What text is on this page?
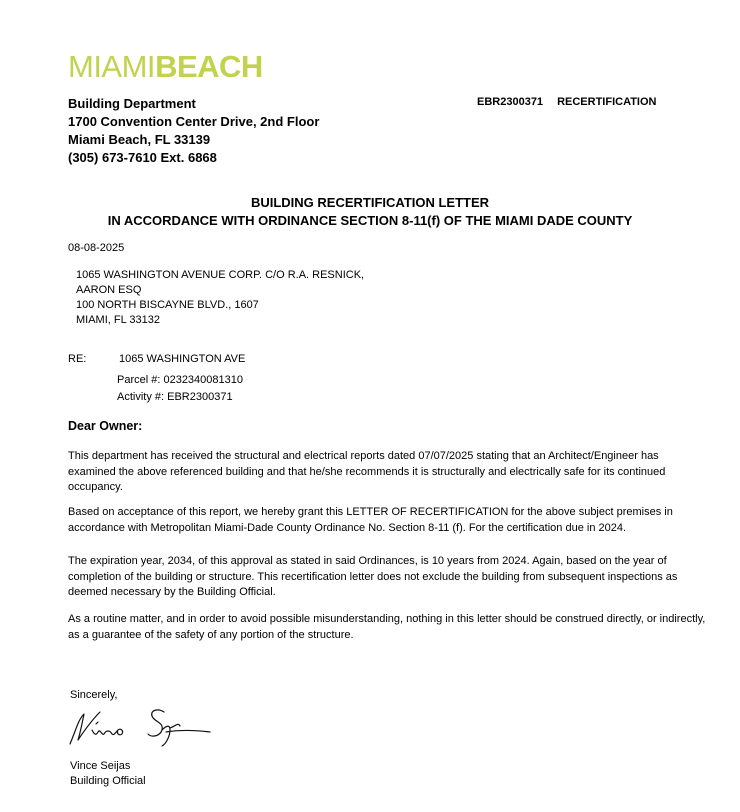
MIAMIBEACH
Building Department
1700 Convention Center Drive, 2nd Floor
Miami Beach, FL 33139
(305) 673-7610 Ext. 6868
EBR2300371 RECERTIFICATION
BUILDING RECERTIFICATION LETTER
IN ACCORDANCE WITH ORDINANCE SECTION 8-11(f) OF THE MIAMI DADE COUNTY
08-08-2025
1065 WASHINGTON AVENUE CORP. C/O R.A. RESNICK,
AARON ESQ
100 NORTH BISCAYNE BLVD., 1607
MIAMI, FL 33132
RE:	1065 WASHINGTON AVE
Parcel #: 0232340081310
Activity #: EBR2300371
Dear Owner:
This department has received the structural and electrical reports dated 07/07/2025 stating that an Architect/Engineer has examined the above referenced building and that he/she recommends it is structurally and electrically safe for its continued occupancy.
Based on acceptance of this report, we hereby grant this LETTER OF RECERTIFICATION for the above subject premises in accordance with Metropolitan Miami-Dade County Ordinance No. Section 8-11 (f). For the certification due in 2024.
The expiration year, 2034, of this approval as stated in said Ordinances, is 10 years from 2024. Again, based on the year of completion of the building or structure. This recertification letter does not exclude the building from subsequent inspections as deemed necessary by the Building Official.
As a routine matter, and in order to avoid possible misunderstanding, nothing in this letter should be construed directly, or indirectly, as a guarantee of the safety of any portion of the structure.
Sincerely,
Vince Seijas
Building Official
